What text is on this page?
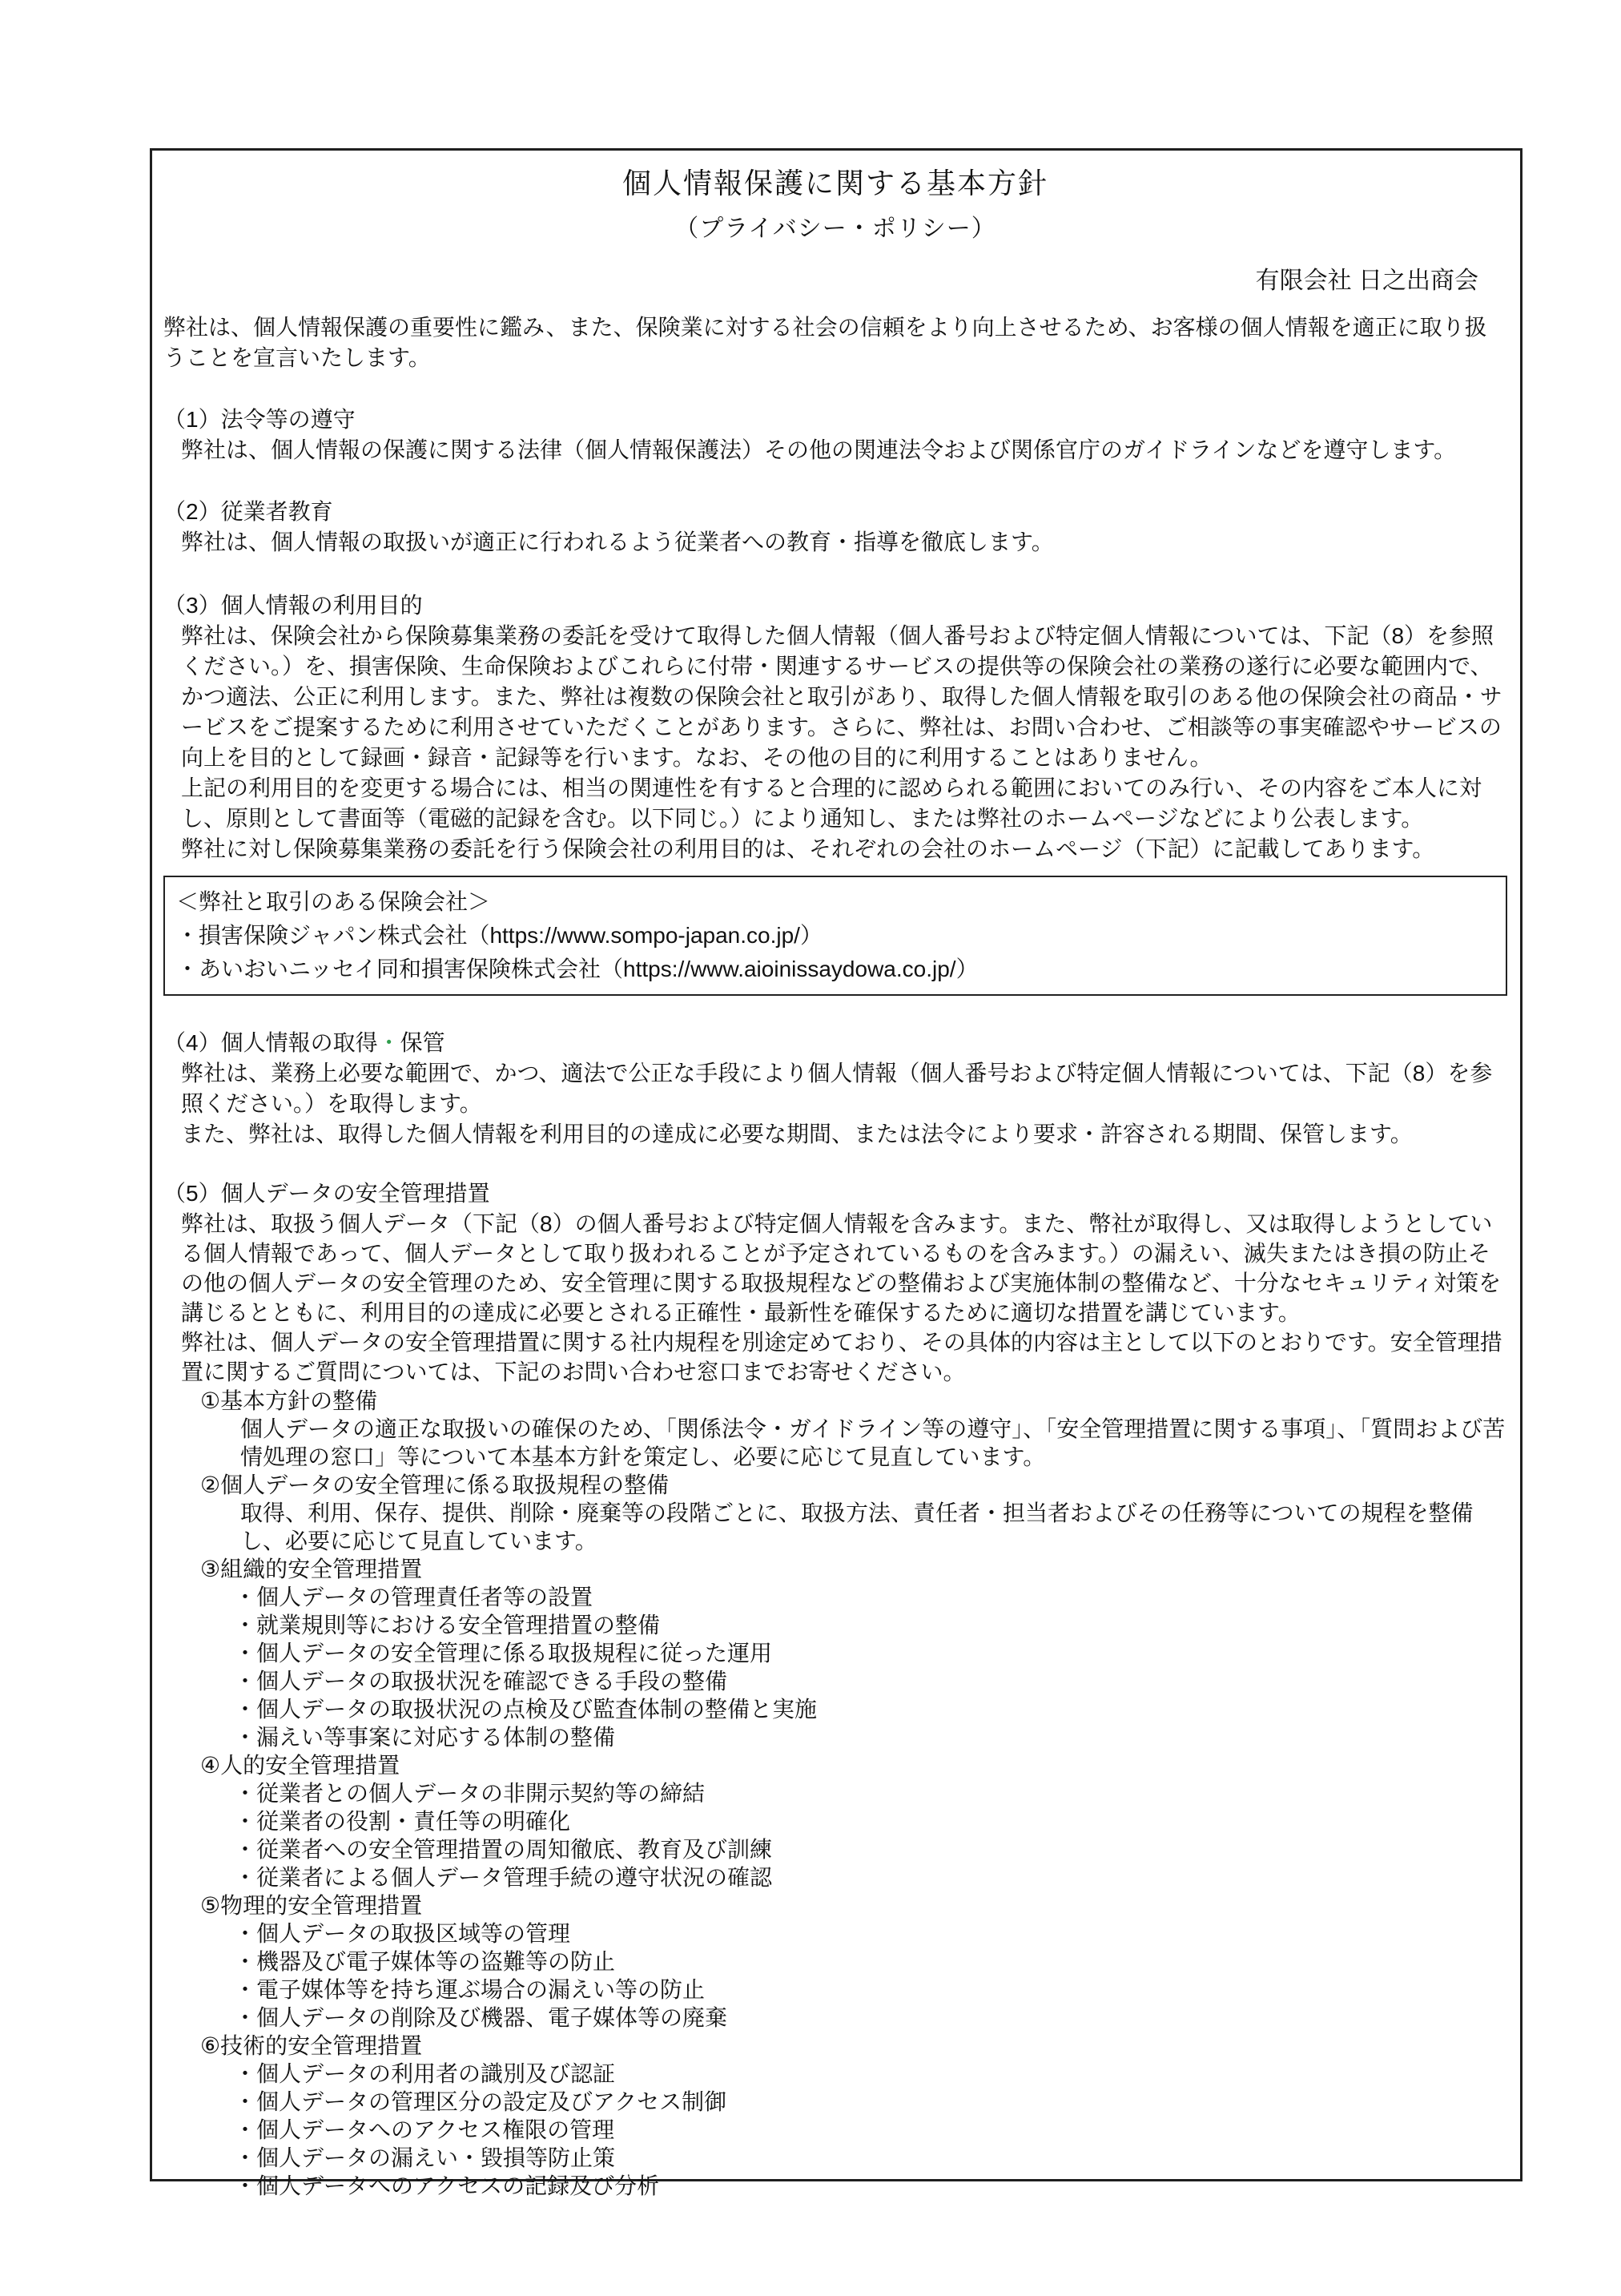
個人情報保護に関する基本方針
（プライバシー・ポリシー）
有限会社 日之出商会

弊社は、個人情報保護の重要性に鑑み、また、保険業に対する社会の信頼をより向上させるため、お客様の個人情報を適正に取り扱うことを宣言いたします。

（1）法令等の遵守

弊社は、個人情報の保護に関する法律（個人情報保護法）その他の関連法令および関係官庁のガイドラインなどを遵守します。

（2）従業者教育

弊社は、個人情報の取扱いが適正に行われるよう従業者への教育・指導を徹底します。

（3）個人情報の利用目的

弊社は、保険会社から保険募集業務の委託を受けて取得した個人情報（個人番号および特定個人情報については、下記（8）を参照ください。）を、損害保険、生命保険およびこれらに付帯・関連するサービスの提供等の保険会社の業務の遂行に必要な範囲内で、かつ適法、公正に利用します。また、弊社は複数の保険会社と取引があり、取得した個人情報を取引のある他の保険会社の商品・サービスをご提案するために利用させていただくことがあります。さらに、弊社は、お問い合わせ、ご相談等の事実確認やサービスの向上を目的として録画・録音・記録等を行います。なお、その他の目的に利用することはありません。

上記の利用目的を変更する場合には、相当の関連性を有すると合理的に認められる範囲においてのみ行い、その内容をご本人に対し、原則として書面等（電磁的記録を含む。以下同じ。）により通知し、または弊社のホームページなどにより公表します。

弊社に対し保険募集業務の委託を行う保険会社の利用目的は、それぞれの会社のホームページ（下記）に記載してあります。

＜弊社と取引のある保険会社＞
・損害保険ジャパン株式会社（https://www.sompo-japan.co.jp/）
・あいおいニッセイ同和損害保険株式会社（https://www.aioinissaydowa.co.jp/）
（4）個人情報の取得・保管

弊社は、業務上必要な範囲で、かつ、適法で公正な手段により個人情報（個人番号および特定個人情報については、下記（8）を参照ください。）を取得します。

また、弊社は、取得した個人情報を利用目的の達成に必要な期間、または法令により要求・許容される期間、保管します。

（5）個人データの安全管理措置

弊社は、取扱う個人データ（下記（8）の個人番号および特定個人情報を含みます。また、幣社が取得し、又は取得しようとしている個人情報であって、個人データとして取り扱われることが予定されているものを含みます。）の漏えい、滅失またはき損の防止その他の個人データの安全管理のため、安全管理に関する取扱規程などの整備および実施体制の整備など、十分なセキュリティ対策を講じるとともに、利用目的の達成に必要とされる正確性・最新性を確保するために適切な措置を講じています。

弊社は、個人データの安全管理措置に関する社内規程を別途定めており、その具体的内容は主として以下のとおりです。安全管理措置に関するご質問については、下記のお問い合わせ窓口までお寄せください。

①基本方針の整備

個人データの適正な取扱いの確保のため、「関係法令・ガイドライン等の遵守」、「安全管理措置に関する事項」、「質問および苦情処理の窓口」等について本基本方針を策定し、必要に応じて見直しています。

②個人データの安全管理に係る取扱規程の整備

取得、利用、保存、提供、削除・廃棄等の段階ごとに、取扱方法、責任者・担当者およびその任務等についての規程を整備し、必要に応じて見直しています。

③組織的安全管理措置
・個人データの管理責任者等の設置
・就業規則等における安全管理措置の整備
・個人データの安全管理に係る取扱規程に従った運用
・個人データの取扱状況を確認できる手段の整備
・個人データの取扱状況の点検及び監査体制の整備と実施
・漏えい等事案に対応する体制の整備
④人的安全管理措置
・従業者との個人データの非開示契約等の締結
・従業者の役割・責任等の明確化
・従業者への安全管理措置の周知徹底、教育及び訓練
・従業者による個人データ管理手続の遵守状況の確認
⑤物理的安全管理措置
・個人データの取扱区域等の管理
・機器及び電子媒体等の盗難等の防止
・電子媒体等を持ち運ぶ場合の漏えい等の防止
・個人データの削除及び機器、電子媒体等の廃棄
⑥技術的安全管理措置
・個人データの利用者の識別及び認証
・個人データの管理区分の設定及びアクセス制御
・個人データへのアクセス権限の管理
・個人データの漏えい・毀損等防止策
・個人データへのアクセスの記録及び分析
